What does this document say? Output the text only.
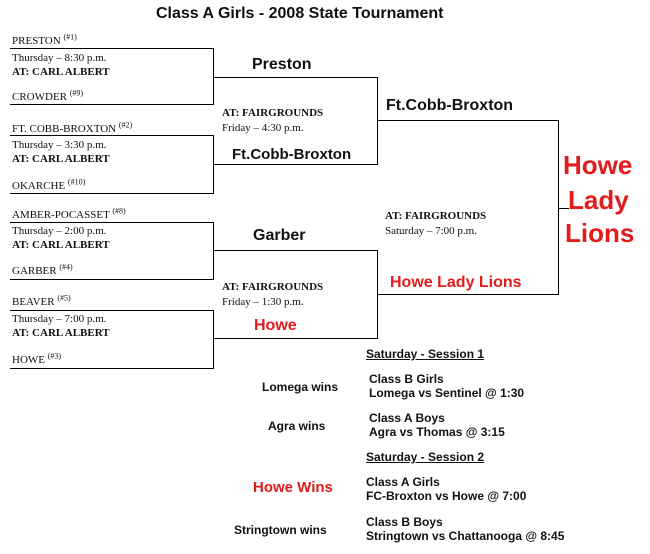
Class A Girls - 2008 State Tournament
PRESTON $^{(\#1)}$
Thursday – 8:30 p.m.
AT: CARL ALBERT
CROWDER $^{(\#9)}$
FT. COBB-BROXTON $^{(\#2)}$
Thursday – 3:30 p.m.
AT: CARL ALBERT
OKARCHE $^{(\#10)}$
AMBER-POCASSET $^{(\#8)}$
Thursday – 2:00 p.m.
AT: CARL ALBERT
GARBER $^{(\#4)}$
BEAVER $^{(\#5)}$
Thursday – 7:00 p.m.
AT: CARL ALBERT
HOWE $^{(\#3)}$
Preston
AT: FAIRGROUNDS
Friday – 4:30 p.m.
Ft.Cobb-Broxton
Garber
AT: FAIRGROUNDS
Friday – 1:30 p.m.
Howe
Ft.Cobb-Broxton
AT: FAIRGROUNDS
Saturday – 7:00 p.m.
Howe Lady Lions
Howe
Lady
Lions
Saturday - Session 1
Lomega wins
Class B Girls
Lomega vs Sentinel @ 1:30
Agra wins
Class A Boys
Agra vs Thomas @ 3:15
Saturday - Session 2
Howe Wins	Class A Girls
FC-Broxton vs Howe @ 7:00
Stringtown wins
Class B Boys
Stringtown vs Chattanooga @ 8:45
